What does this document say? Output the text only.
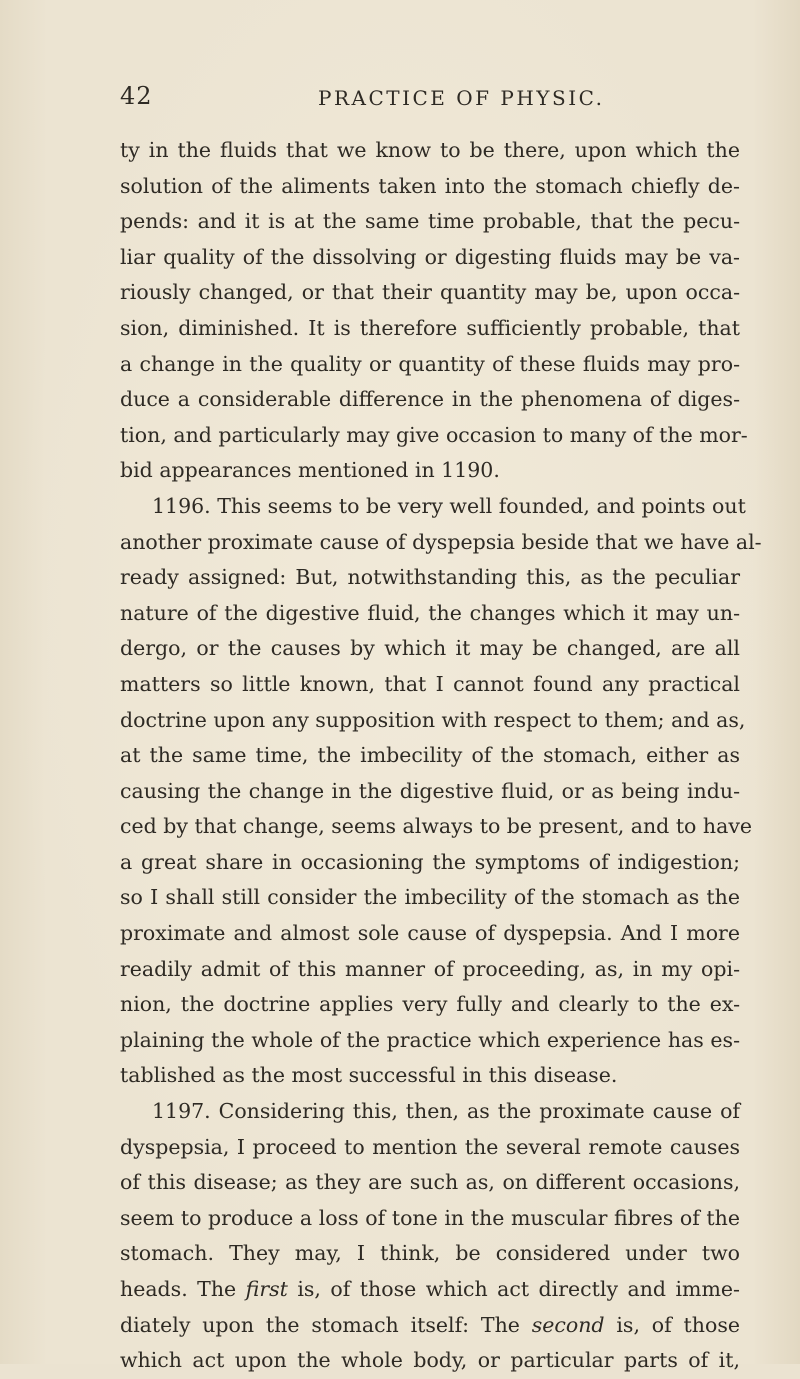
42	PRACTICE OF PHYSIC.
ty in the fluids that we know to be there, upon which the
solution of the aliments taken into the stomach chiefly de-
pends: and it is at the same time probable, that the pecu-
liar quality of the dissolving or digesting fluids may be va-
riously changed, or that their quantity may be, upon occa-
sion, diminished. It is therefore sufficiently probable, that
a change in the quality or quantity of these fluids may pro-
duce a considerable difference in the phenomena of diges-
tion, and particularly may give occasion to many of the mor-
bid appearances mentioned in 1190.
1196. This seems to be very well founded, and points out
another proximate cause of dyspepsia beside that we have al-
ready assigned: But, notwithstanding this, as the peculiar
nature of the digestive fluid, the changes which it may un-
dergo, or the causes by which it may be changed, are all
matters so little known, that I cannot found any practical
doctrine upon any supposition with respect to them; and as,
at the same time, the imbecility of the stomach, either as
causing the change in the digestive fluid, or as being indu-
ced by that change, seems always to be present, and to have
a great share in occasioning the symptoms of indigestion;
so I shall still consider the imbecility of the stomach as the
proximate and almost sole cause of dyspepsia. And I more
readily admit of this manner of proceeding, as, in my opi-
nion, the doctrine applies very fully and clearly to the ex-
plaining the whole of the practice which experience has es-
tablished as the most successful in this disease.
1197. Considering this, then, as the proximate cause of
dyspepsia, I proceed to mention the several remote causes
of this disease; as they are such as, on different occasions,
seem to produce a loss of tone in the muscular fibres of the
stomach. They may, I think, be considered under two
heads. The first is, of those which act directly and imme-
diately upon the stomach itself: The second is, of those
which act upon the whole body, or particular parts of it,
